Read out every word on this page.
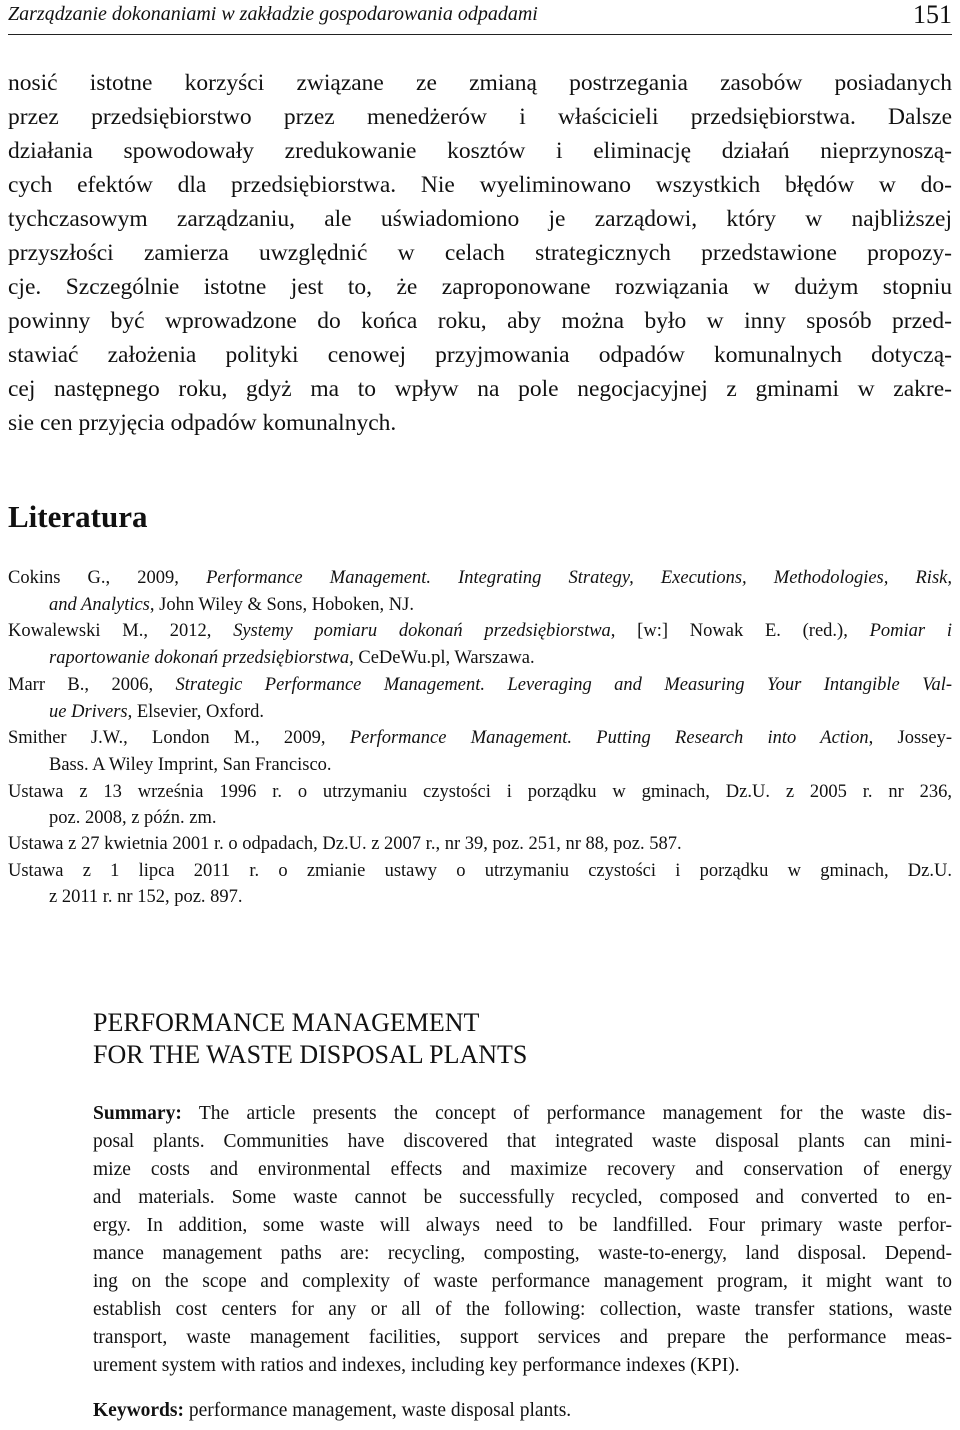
Zarządzanie dokonaniami w zakładzie gospodarowania odpadami	151

nosić istotne korzyści związane ze zmianą postrzegania zasobów posiadanych

przez przedsiębiorstwo przez menedżerów i właścicieli przedsiębiorstwa. Dalsze

działania spowodowały zredukowanie kosztów i eliminację działań nieprzynoszą-

cych efektów dla przedsiębiorstwa. Nie wyeliminowano wszystkich błędów w do-

tychczasowym zarządzaniu, ale uświadomiono je zarządowi, który w najbliższej

przyszłości zamierza uwzględnić w celach strategicznych przedstawione propozy-

cje. Szczególnie istotne jest to, że zaproponowane rozwiązania w dużym stopniu

powinny być wprowadzone do końca roku, aby można było w inny sposób przed-

stawiać założenia polityki cenowej przyjmowania odpadów komunalnych dotyczą-

cej następnego roku, gdyż ma to wpływ na pole negocjacyjnej z gminami w zakre-

sie cen przyjęcia odpadów komunalnych.

Literatura

Cokins G., 2009, Performance Management. Integrating Strategy, Executions, Methodologies, Risk,

and Analytics, John Wiley & Sons, Hoboken, NJ.

Kowalewski M., 2012, Systemy pomiaru dokonań przedsiębiorstwa, [w:] Nowak E. (red.), Pomiar i

raportowanie dokonań przedsiębiorstwa, CeDeWu.pl, Warszawa.

Marr B., 2006, Strategic Performance Management. Leveraging and Measuring Your Intangible Val-

ue Drivers, Elsevier, Oxford.

Smither J.W., London M., 2009, Performance Management. Putting Research into Action, Jossey-

Bass. A Wiley Imprint, San Francisco.

Ustawa z 13 września 1996 r. o utrzymaniu czystości i porządku w gminach, Dz.U. z 2005 r. nr 236,

poz. 2008, z późn. zm.

Ustawa z 27 kwietnia 2001 r. o odpadach, Dz.U. z 2007 r., nr 39, poz. 251, nr 88, poz. 587.

Ustawa z 1 lipca 2011 r. o zmianie ustawy o utrzymaniu czystości i porządku w gminach, Dz.U.

z 2011 r. nr 152, poz. 897.

PERFORMANCE MANAGEMENT
FOR THE WASTE DISPOSAL PLANTS

Summary: The article presents the concept of performance management for the waste dis-

posal plants. Communities have discovered that integrated waste disposal plants can mini-

mize costs and environmental effects and maximize recovery and conservation of energy

and materials. Some waste cannot be successfully recycled, composed and converted to en-

ergy. In addition, some waste will always need to be landfilled. Four primary waste perfor-

mance management paths are: recycling, composting, waste-to-energy, land disposal. Depend-

ing on the scope and complexity of waste performance management program, it might want to

establish cost centers for any or all of the following: collection, waste transfer stations, waste

transport, waste management facilities, support services and prepare the performance meas-

urement system with ratios and indexes, including key performance indexes (KPI).

Keywords: performance management, waste disposal plants.
